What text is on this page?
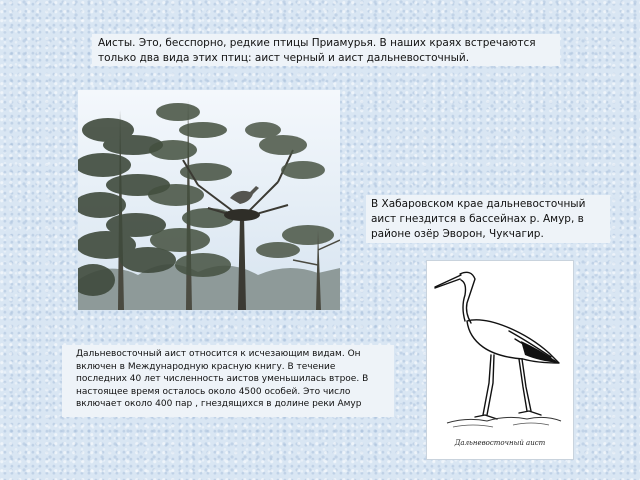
Аисты. Это, бесспорно, редкие птицы Приамурья. В наших краях встречаются только два вида этих птиц: аист черный и аист дальневосточный.
В Хабаровском крае дальневосточный аист гнездится в бассейнах р. Амур, в районе озёр Эворон, Чукчагир.
Дальневосточный аист
Дальневосточный аист относится к исчезающим видам. Он включен в Международную красную книгу. В течение последних 40 лет численность аистов уменьшилась втрое. В настоящее время осталось около 4500 особей. Это число включает около 400 пар , гнездящихся в долине реки Амур
